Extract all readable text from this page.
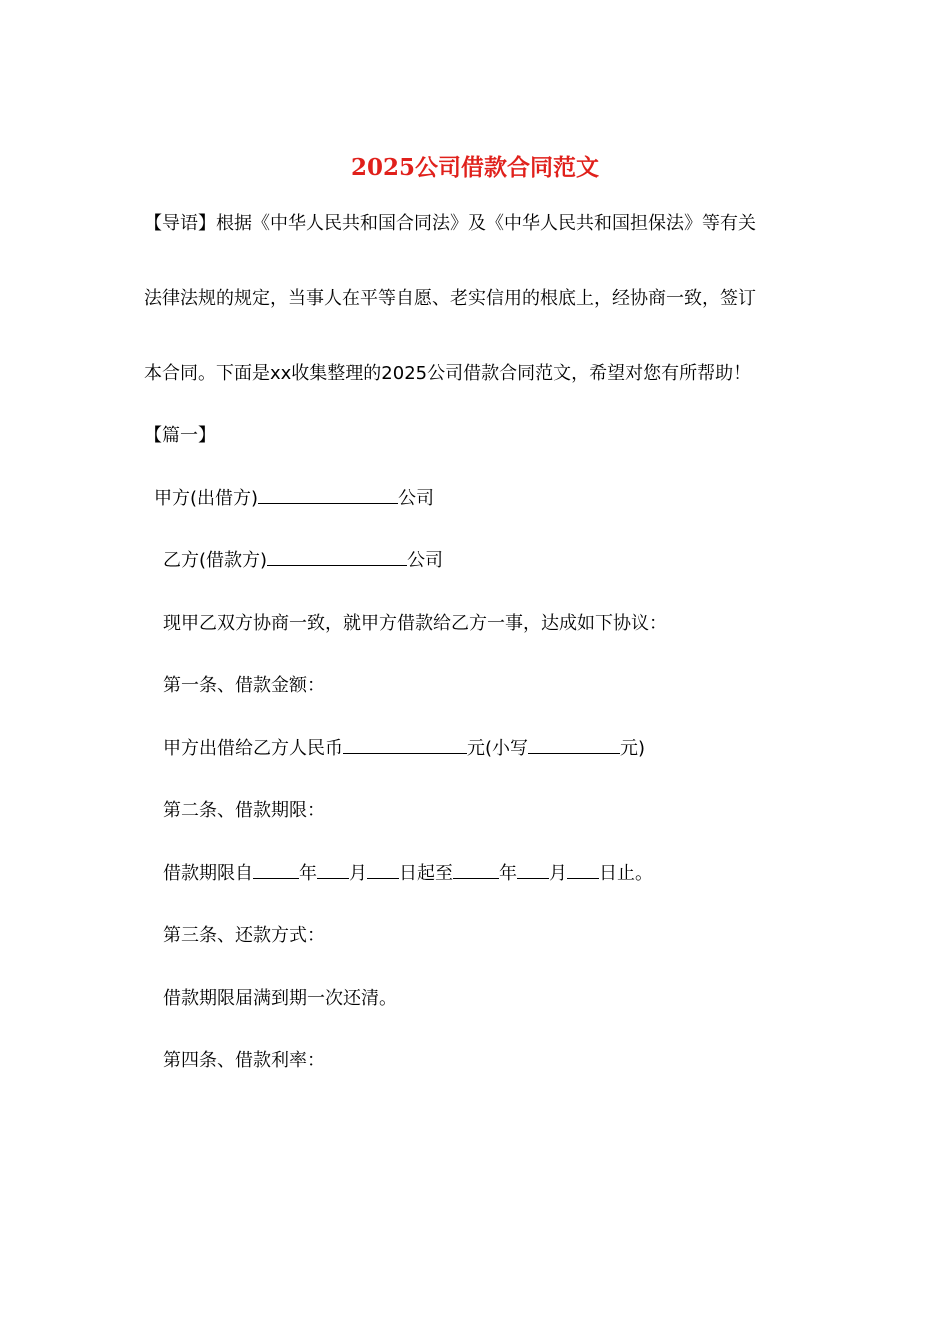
2025公司借款合同范文
【导语】根据《中华人民共和国合同法》及《中华人民共和国担保法》等有关
法律法规的规定，当事人在平等自愿、老实信用的根底上，经协商一致，签订
本合同。下面是xx收集整理的2025公司借款合同范文，希望对您有所帮助！
【篇一】
甲方(出借方)	公司
乙方(借款方)	公司
现甲乙双方协商一致，就甲方借款给乙方一事，达成如下协议：
第一条、借款金额：
甲方出借给乙方人民币	元(小写	元)
第二条、借款期限：
借款期限自	年 月 日起至	年 月 日止。
第三条、还款方式：
借款期限届满到期一次还清。
第四条、借款利率：
